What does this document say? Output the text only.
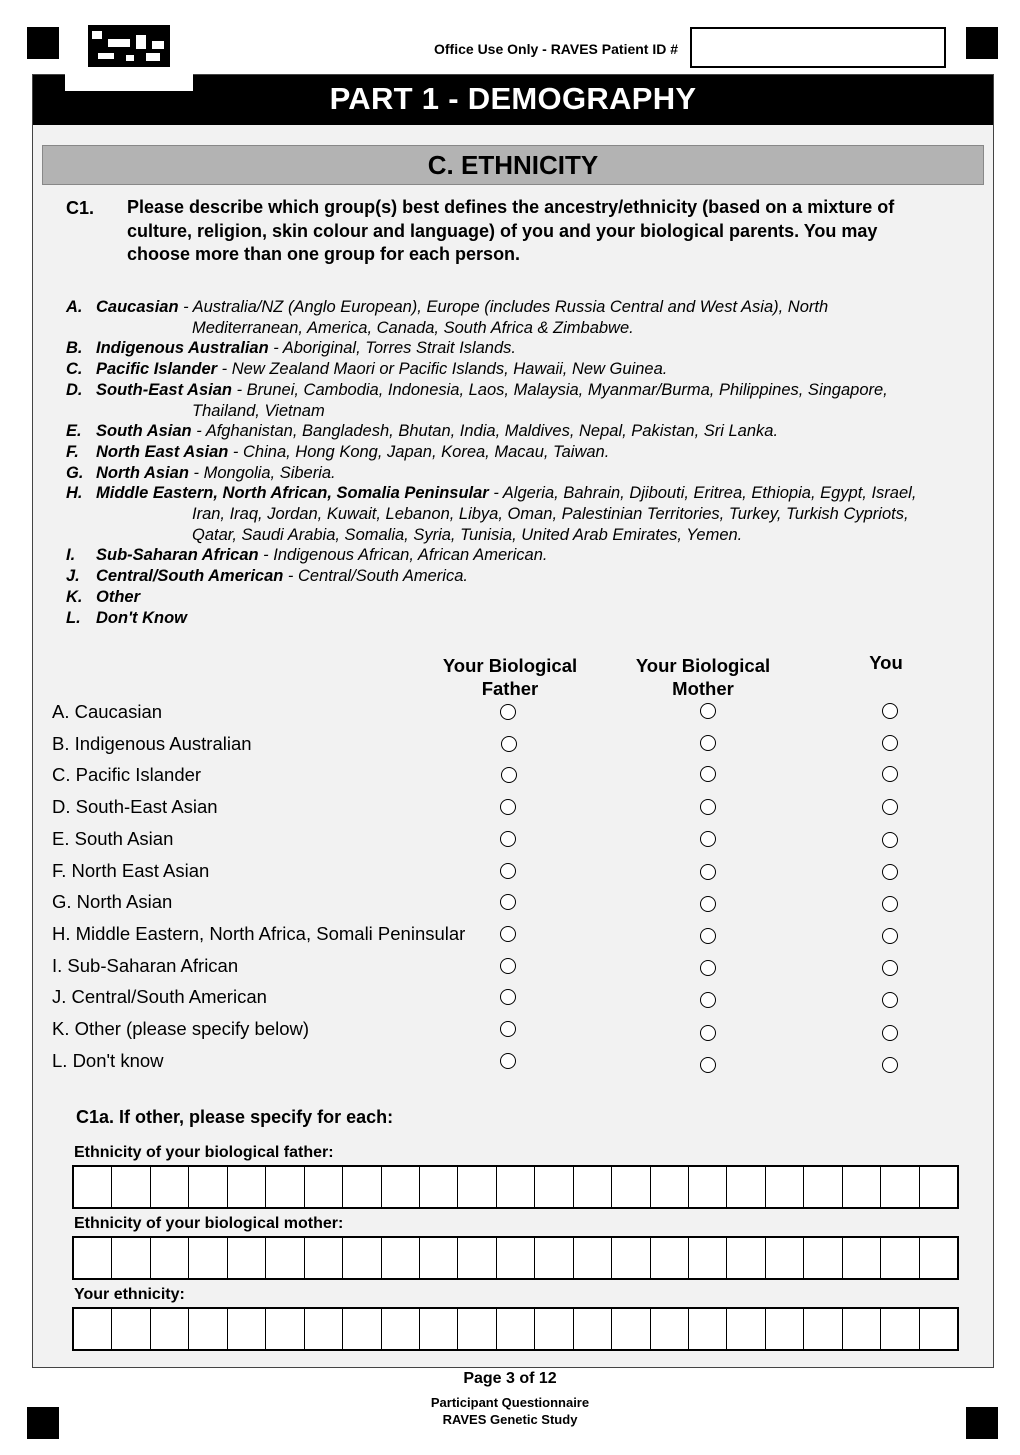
Office Use Only - RAVES Patient ID #
PART 1 - DEMOGRAPHY
C. ETHNICITY
C1. Please describe which group(s) best defines the ancestry/ethnicity (based on a mixture of culture, religion, skin colour and language) of you and your biological parents. You may choose more than one group for each person.
A. Caucasian - Australia/NZ (Anglo European), Europe (includes Russia Central and West Asia), North
Mediterranean, America, Canada, South Africa & Zimbabwe.
B. Indigenous Australian - Aboriginal, Torres Strait Islands.
C. Pacific Islander - New Zealand Maori or Pacific Islands, Hawaii, New Guinea.
D. South-East Asian - Brunei, Cambodia, Indonesia, Laos, Malaysia, Myanmar/Burma, Philippines, Singapore,
Thailand, Vietnam
E. South Asian - Afghanistan, Bangladesh, Bhutan, India, Maldives, Nepal, Pakistan, Sri Lanka.
F.	North East Asian - China, Hong Kong, Japan, Korea, Macau, Taiwan.
G. North Asian - Mongolia, Siberia.
H. Middle Eastern, North African, Somalia Peninsular - Algeria, Bahrain, Djibouti, Eritrea, Ethiopia, Egypt, Israel,
Iran, Iraq, Jordan, Kuwait, Lebanon, Libya, Oman, Palestinian Territories, Turkey, Turkish Cypriots,
Qatar, Saudi Arabia, Somalia, Syria, Tunisia, United Arab Emirates, Yemen.
I.	Sub-Saharan African - Indigenous African, African American.
J. Central/South American - Central/South America.
K. Other
L. Don't Know
Your Biological Father
Your Biological Mother
You
A. Caucasian
B. Indigenous Australian
C. Pacific Islander
D. South-East Asian
E. South Asian
F. North East Asian
G. North Asian
H. Middle Eastern, North Africa, Somali Peninsular
I. Sub-Saharan African
J. Central/South American
K. Other (please specify below)
L. Don't know
C1a. If other, please specify for each:
Ethnicity of your biological father:
Ethnicity of your biological mother:
Your ethnicity:
Page 3 of 12
Participant Questionnaire
RAVES Genetic Study
